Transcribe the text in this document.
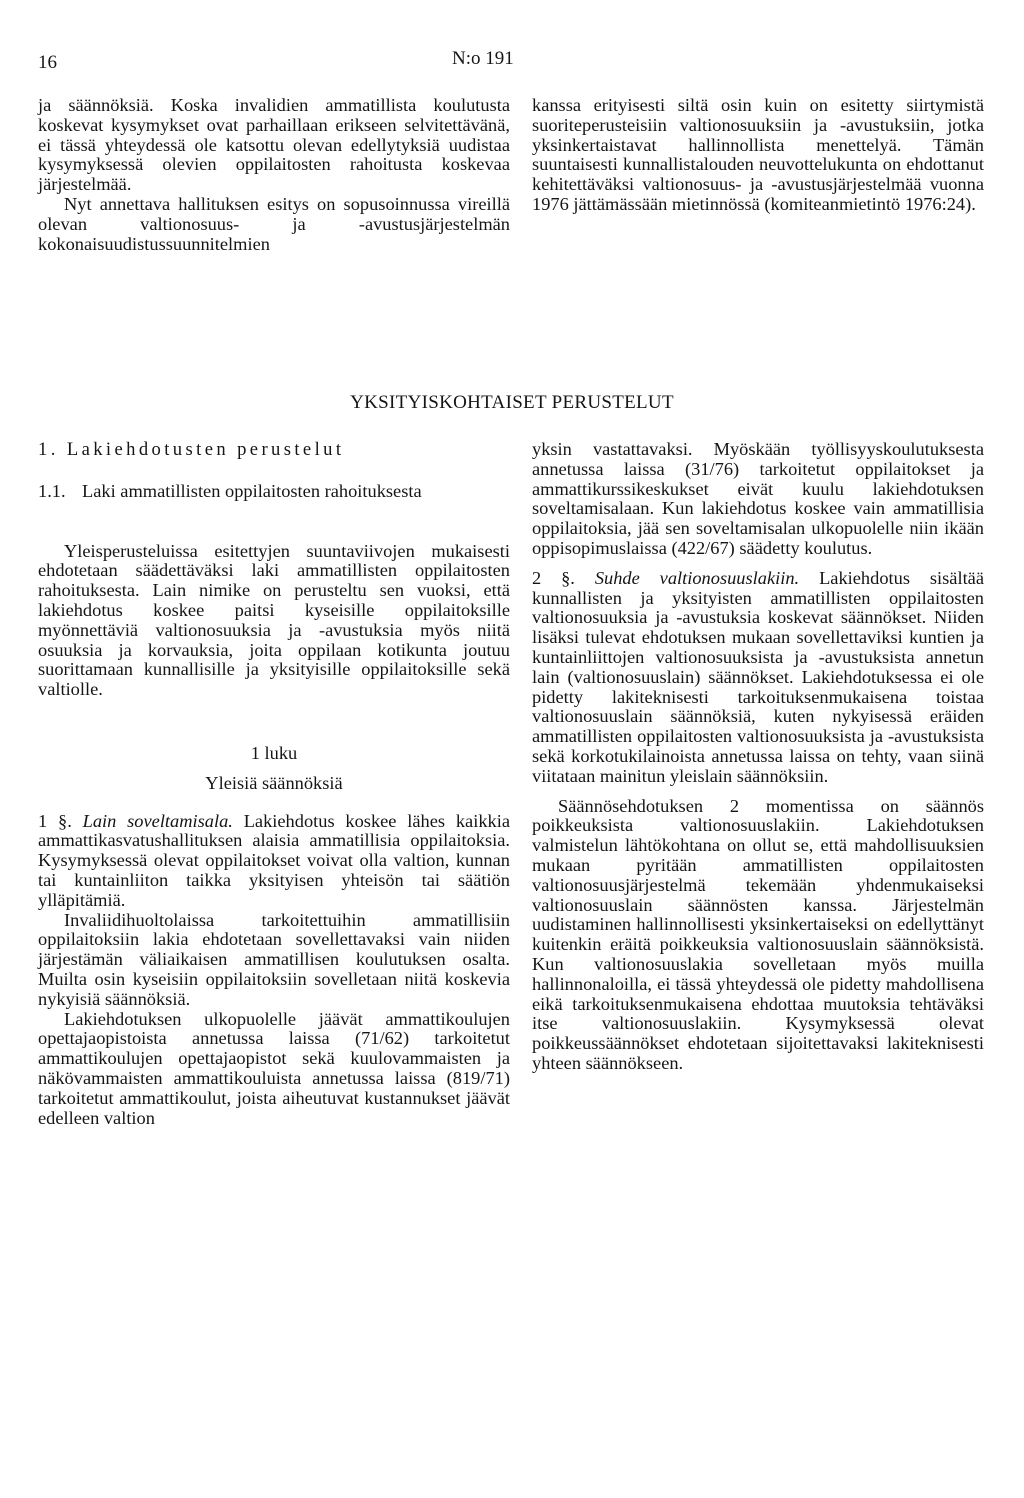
16	N:o 191

ja säännöksiä. Koska invalidien ammatillista koulutusta koskevat kysymykset ovat parhaillaan erikseen selvitettävänä, ei tässä yhteydessä ole katsottu olevan edellytyksiä uudistaa kysymyksessä olevien oppilaitosten rahoitusta koskevaa järjestelmää.

Nyt annettava hallituksen esitys on sopusoinnussa vireillä olevan valtionosuus- ja -avustusjärjestelmän kokonaisuudistussuunnitelmien

kanssa erityisesti siltä osin kuin on esitetty siirtymistä suoriteperusteisiin valtionosuuksiin ja -avustuksiin, jotka yksinkertaistavat hallinnollista menettelyä. Tämän suuntaisesti kunnallistalouden neuvottelukunta on ehdottanut kehitettäväksi valtionosuus- ja -avustusjärjestelmää vuonna 1976 jättämässään mietinnössä (komiteanmietintö 1976:24).

YKSITYISKOHTAISET PERUSTELUT
1. Lakiehdotusten perustelut
1.1. Laki ammatillisten oppilaitosten rahoituksesta

Yleisperusteluissa esitettyjen suuntaviivojen mukaisesti ehdotetaan säädettäväksi laki ammatillisten oppilaitosten rahoituksesta. Lain nimike on perusteltu sen vuoksi, että lakiehdotus koskee paitsi kyseisille oppilaitoksille myönnettäviä valtionosuuksia ja -avustuksia myös niitä osuuksia ja korvauksia, joita oppilaan kotikunta joutuu suorittamaan kunnallisille ja yksityisille oppilaitoksille sekä valtiolle.

1 luku
Yleisiä säännöksiä

1 §. Lain soveltamisala. Lakiehdotus koskee lähes kaikkia ammattikasvatushallituksen alaisia ammatillisia oppilaitoksia. Kysymyksessä olevat oppilaitokset voivat olla valtion, kunnan tai kuntainliiton taikka yksityisen yhteisön tai säätiön ylläpitämiä.

Invaliidihuoltolaissa tarkoitettuihin ammatillisiin oppilaitoksiin lakia ehdotetaan sovellettavaksi vain niiden järjestämän väliaikaisen ammatillisen koulutuksen osalta. Muilta osin kyseisiin oppilaitoksiin sovelletaan niitä koskevia nykyisiä säännöksiä.

Lakiehdotuksen ulkopuolelle jäävät ammattikoulujen opettajaopistoista annetussa laissa (71/62) tarkoitetut ammattikoulujen opettajaopistot sekä kuulovammaisten ja näkövammaisten ammattikouluista annetussa laissa (819/71) tarkoitetut ammattikoulut, joista aiheutuvat kustannukset jäävät edelleen valtion

yksin vastattavaksi. Myöskään työllisyyskoulutuksesta annetussa laissa (31/76) tarkoitetut oppilaitokset ja ammattikurssikeskukset eivät kuulu lakiehdotuksen soveltamisalaan. Kun lakiehdotus koskee vain ammatillisia oppilaitoksia, jää sen soveltamisalan ulkopuolelle niin ikään oppisopimuslaissa (422/67) säädetty koulutus.

2 §. Suhde valtionosuuslakiin. Lakiehdotus sisältää kunnallisten ja yksityisten ammatillisten oppilaitosten valtionosuuksia ja -avustuksia koskevat säännökset. Niiden lisäksi tulevat ehdotuksen mukaan sovellettaviksi kuntien ja kuntainliittojen valtionosuuksista ja -avustuksista annetun lain (valtionosuuslain) säännökset. Lakiehdotuksessa ei ole pidetty lakiteknisesti tarkoituksenmukaisena toistaa valtionosuuslain säännöksiä, kuten nykyisessä eräiden ammatillisten oppilaitosten valtionosuuksista ja -avustuksista sekä korkotukilainoista annetussa laissa on tehty, vaan siinä viitataan mainitun yleislain säännöksiin.

Säännösehdotuksen 2 momentissa on säännös poikkeuksista valtionosuuslakiin. Lakiehdotuksen valmistelun lähtökohtana on ollut se, että mahdollisuuksien mukaan pyritään ammatillisten oppilaitosten valtionosuusjärjestelmä tekemään yhdenmukaiseksi valtionosuuslain säännösten kanssa. Järjestelmän uudistaminen hallinnollisesti yksinkertaiseksi on edellyttänyt kuitenkin eräitä poikkeuksia valtionosuuslain säännöksistä. Kun valtionosuuslakia sovelletaan myös muilla hallinnonaloilla, ei tässä yhteydessä ole pidetty mahdollisena eikä tarkoituksenmukaisena ehdottaa muutoksia tehtäväksi itse valtionosuuslakiin. Kysymyksessä olevat poikkeussäännökset ehdotetaan sijoitettavaksi lakiteknisesti yhteen säännökseen.
